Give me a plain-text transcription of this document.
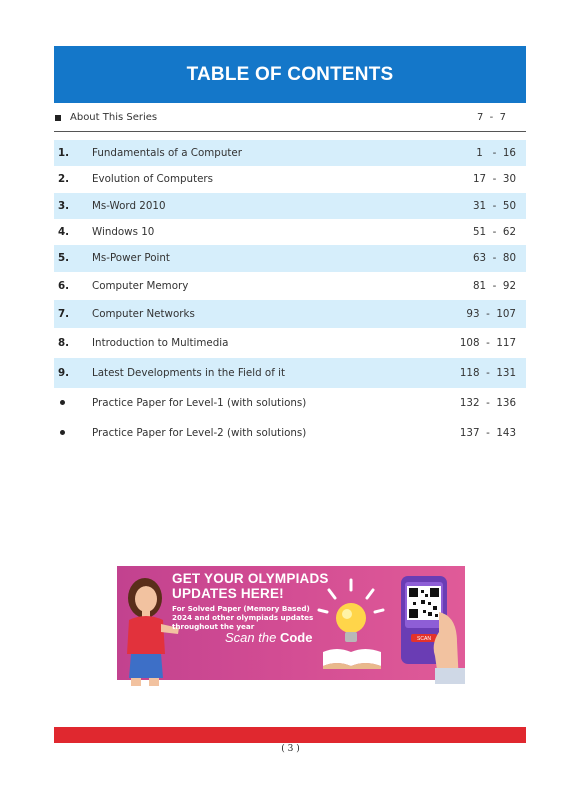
TABLE OF CONTENTS
About This Series	7  -  7
1. Fundamentals of a Computer	1   -  16
2. Evolution of Computers	17  -  30
3. Ms-Word 2010	31  -  50
4. Windows 10	51  -  62
5. Ms-Power Point	63  -  80
6. Computer Memory	81  -  92
7. Computer Networks	93  -  107
8. Introduction to Multimedia	108  -  117
9. Latest Developments in the Field of it	118  -  131
Practice Paper for Level-1 (with solutions)	132  -  136
Practice Paper for Level-2 (with solutions)	137  -  143
GET YOUR OLYMPIADS
UPDATES HERE!
For Solved Paper (Memory Based) 2024 and other olympiads updates throughout the year
Scan the Code	SCAN
( 3 )
